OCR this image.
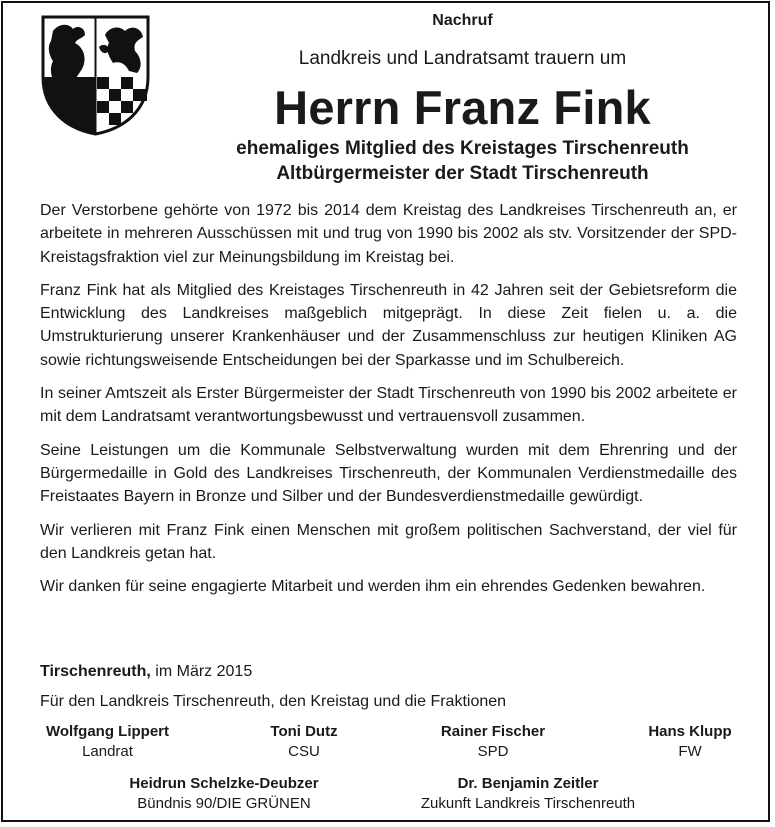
Nachruf
Landkreis und Landratsamt trauern um
Herrn Franz Fink
ehemaliges Mitglied des Kreistages Tirschenreuth
Altbürgermeister der Stadt Tirschenreuth

Der Verstorbene gehörte von 1972 bis 2014 dem Kreistag des Landkreises Tirschenreuth an, er arbeitete in mehreren Ausschüssen mit und trug von 1990 bis 2002 als stv. Vorsitzender der SPD-Kreistagsfraktion viel zur Meinungsbildung im Kreistag bei.

Franz Fink hat als Mitglied des Kreistages Tirschenreuth in 42 Jahren seit der Gebietsreform die Entwicklung des Landkreises maßgeblich mitgeprägt. In diese Zeit fielen u. a. die Umstrukturierung unserer Krankenhäuser und der Zusammenschluss zur heutigen Kliniken AG sowie richtungsweisende Entscheidungen bei der Sparkasse und im Schulbereich.

In seiner Amtszeit als Erster Bürgermeister der Stadt Tirschenreuth von 1990 bis 2002 arbeitete er mit dem Landratsamt verantwortungsbewusst und vertrauensvoll zusammen.

Seine Leistungen um die Kommunale Selbstverwaltung wurden mit dem Ehrenring und der Bürgermedaille in Gold des Landkreises Tirschenreuth, der Kommunalen Verdienstmedaille des Freistaates Bayern in Bronze und Silber und der Bundesverdienstmedaille gewürdigt.

Wir verlieren mit Franz Fink einen Menschen mit großem politischen Sachverstand, der viel für den Landkreis getan hat.

Wir danken für seine engagierte Mitarbeit und werden ihm ein ehrendes Gedenken bewahren.

Tirschenreuth, im März 2015
Für den Landkreis Tirschenreuth, den Kreistag und die Fraktionen
Wolfgang Lippert
Landrat
Toni Dutz
CSU
Rainer Fischer
SPD
Hans Klupp
FW
Heidrun Schelzke-Deubzer
Bündnis 90/DIE GRÜNEN
Dr. Benjamin Zeitler
Zukunft Landkreis Tirschenreuth
